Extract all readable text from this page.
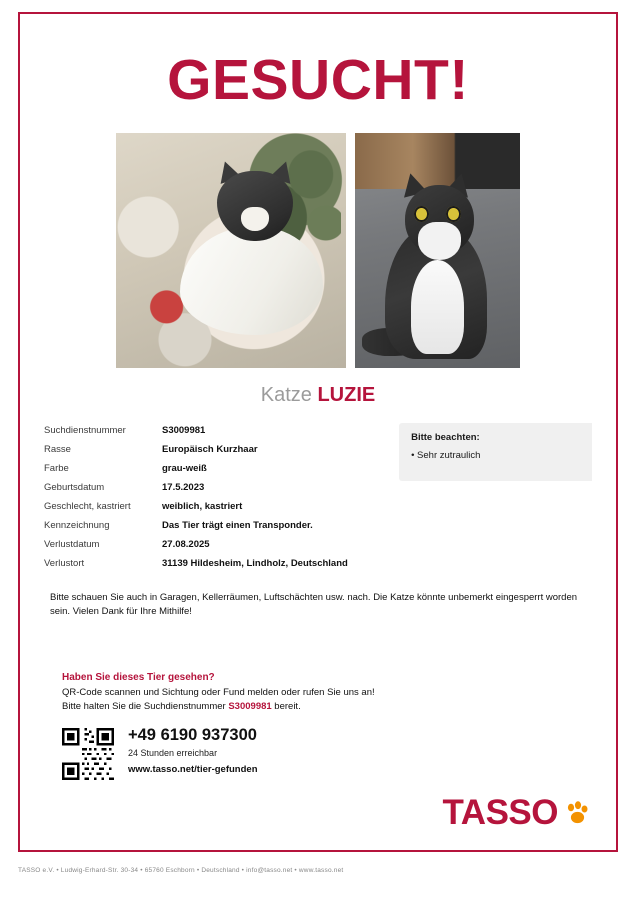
GESUCHT!
Katze LUZIE
Suchdienstnummer	S3009981
Rasse	Europäisch Kurzhaar
Farbe	grau-weiß
Geburtsdatum	17.5.2023
Geschlecht, kastriert	weiblich, kastriert
Kennzeichnung	Das Tier trägt einen Transponder.
Verlustdatum	27.08.2025
Verlustort	31139 Hildesheim, Lindholz, Deutschland
Bitte beachten:
• Sehr zutraulich
Bitte schauen Sie auch in Garagen, Kellerräumen, Luftschächten usw. nach. Die Katze könnte unbemerkt eingesperrt worden sein. Vielen Dank für Ihre Mithilfe!
Haben Sie dieses Tier gesehen?
QR-Code scannen und Sichtung oder Fund melden oder rufen Sie uns an!
Bitte halten Sie die Suchdienstnummer S3009981 bereit.
+49 6190 937300
24 Stunden erreichbar
www.tasso.net/tier-gefunden
TASSO
TASSO e.V. • Ludwig-Erhard-Str. 30-34 • 65760 Eschborn • Deutschland • info@tasso.net • www.tasso.net
